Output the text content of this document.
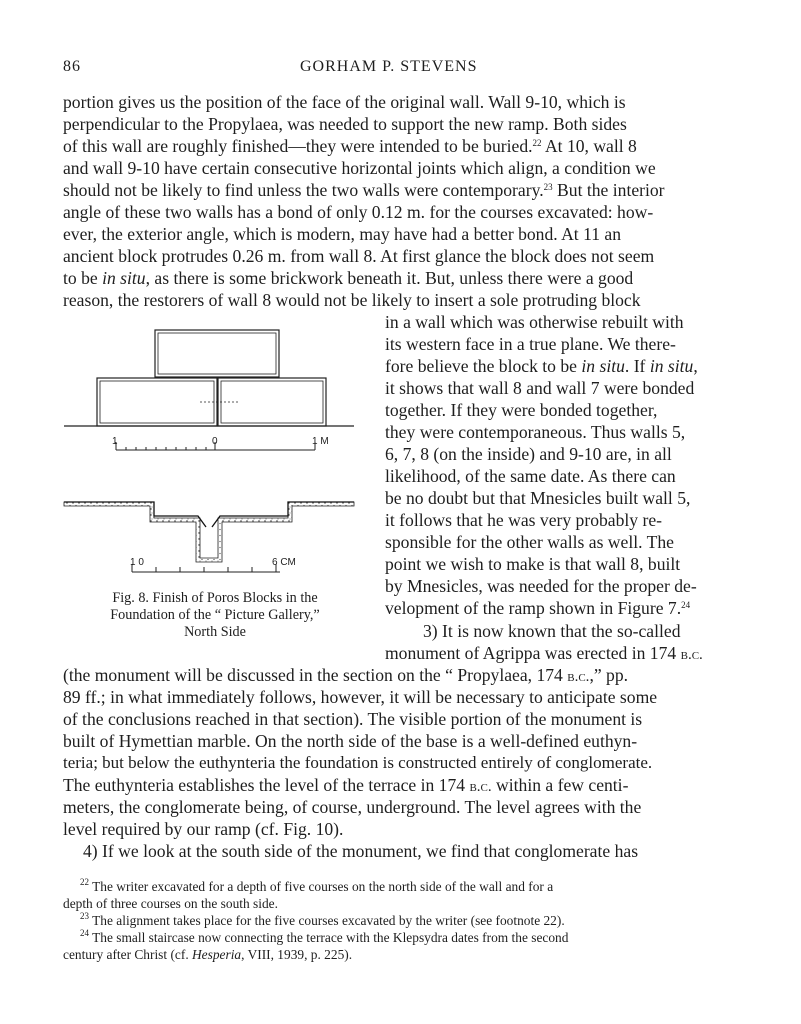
86	GORHAM P. STEVENS
portion gives us the position of the face of the original wall. Wall 9-10, which is
perpendicular to the Propylaea, was needed to support the new ramp. Both sides
of this wall are roughly finished—they were intended to be buried.$^{22}$ At 10, wall 8
and wall 9-10 have certain consecutive horizontal joints which align, a condition we
should not be likely to find unless the two walls were contemporary.$^{23}$ But the interior
angle of these two walls has a bond of only 0.12 m. for the courses excavated: how-
ever, the exterior angle, which is modern, may have had a better bond. At 11 an
ancient block protrudes 0.26 m. from wall 8. At first glance the block does not seem
to be in situ, as there is some brickwork beneath it. But, unless there were a good
reason, the restorers of wall 8 would not be likely to insert a sole protruding block
in a wall which was otherwise rebuilt with
its western face in a true plane. We there-
fore believe the block to be in situ. If in situ,
it shows that wall 8 and wall 7 were bonded
together. If they were bonded together,
they were contemporaneous. Thus walls 5,
6, 7, 8 (on the inside) and 9-10 are, in all
likelihood, of the same date. As there can
be no doubt but that Mnesicles built wall 5,
it follows that he was very probably re-
sponsible for the other walls as well. The
point we wish to make is that wall 8, built
by Mnesicles, was needed for the proper de-
velopment of the ramp shown in Figure 7.24
3) It is now known that the so-called
monument of Agrippa was erected in 174 b.c.
1	0	1 M
1 0	6 CM
Fig. 8. Finish of Poros Blocks in the
Foundation of the “ Picture Gallery,”
North Side
(the monument will be discussed in the section on the “ Propylaea, 174 b.c.,” pp.
89 ff.; in what immediately follows, however, it will be necessary to anticipate some
of the conclusions reached in that section). The visible portion of the monument is
built of Hymettian marble. On the north side of the base is a well-defined euthyn-
teria; but below the euthynteria the foundation is constructed entirely of conglomerate.
The euthynteria establishes the level of the terrace in 174 b.c. within a few centi-
meters, the conglomerate being, of course, underground. The level agrees with the
level required by our ramp (cf. Fig. 10).
4) If we look at the south side of the monument, we find that conglomerate has
$^{22}$ The writer excavated for a depth of five courses on the north side of the wall and for a
depth of three courses on the south side.
$^{23}$ The alignment takes place for the five courses excavated by the writer (see footnote 22).
$^{24}$ The small staircase now connecting the terrace with the Klepsydra dates from the second
century after Christ (cf. Hesperia, VIII, 1939, p. 225).
